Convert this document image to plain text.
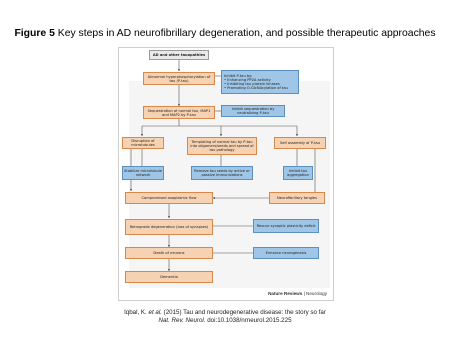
Figure 5 Key steps in AD neurofibrillary degeneration, and possible therapeutic approaches
AD and other tauopathies
Abnormal hyperphosphorylation of tau (P-tau)
Inhibit P-tau by:
• Enhancing PP2A activity
• Inhibiting tau protein kinases
• Promoting O-GlcNAcylation of tau
Sequestration of normal tau, MAP1 and MAP2 by P-tau
Inhibit sequestration by neutralizing P-tau
Disruption of microtubules
Templating of normal tau by P-tau into oligomers/seeds and spread of tau pathology
Self assembly of P-tau
Stabilize microtubule network
Remove tau seeds by active or passive immunizations
Inhibit tau aggregation
Compromised axoplasmic flow	Neurofibrillary tangles
Retrograde degeneration (loss of synapses)	Rescue synaptic plasticity deficit
Death of neurons	Enhance neurogenesis
Dementia
Nature Reviews | Neurology
Iqbal, K. et al. (2015) Tau and neurodegenerative disease: the story so far
Nat. Rev. Neurol. doi:10.1038/nrneurol.2015.225
